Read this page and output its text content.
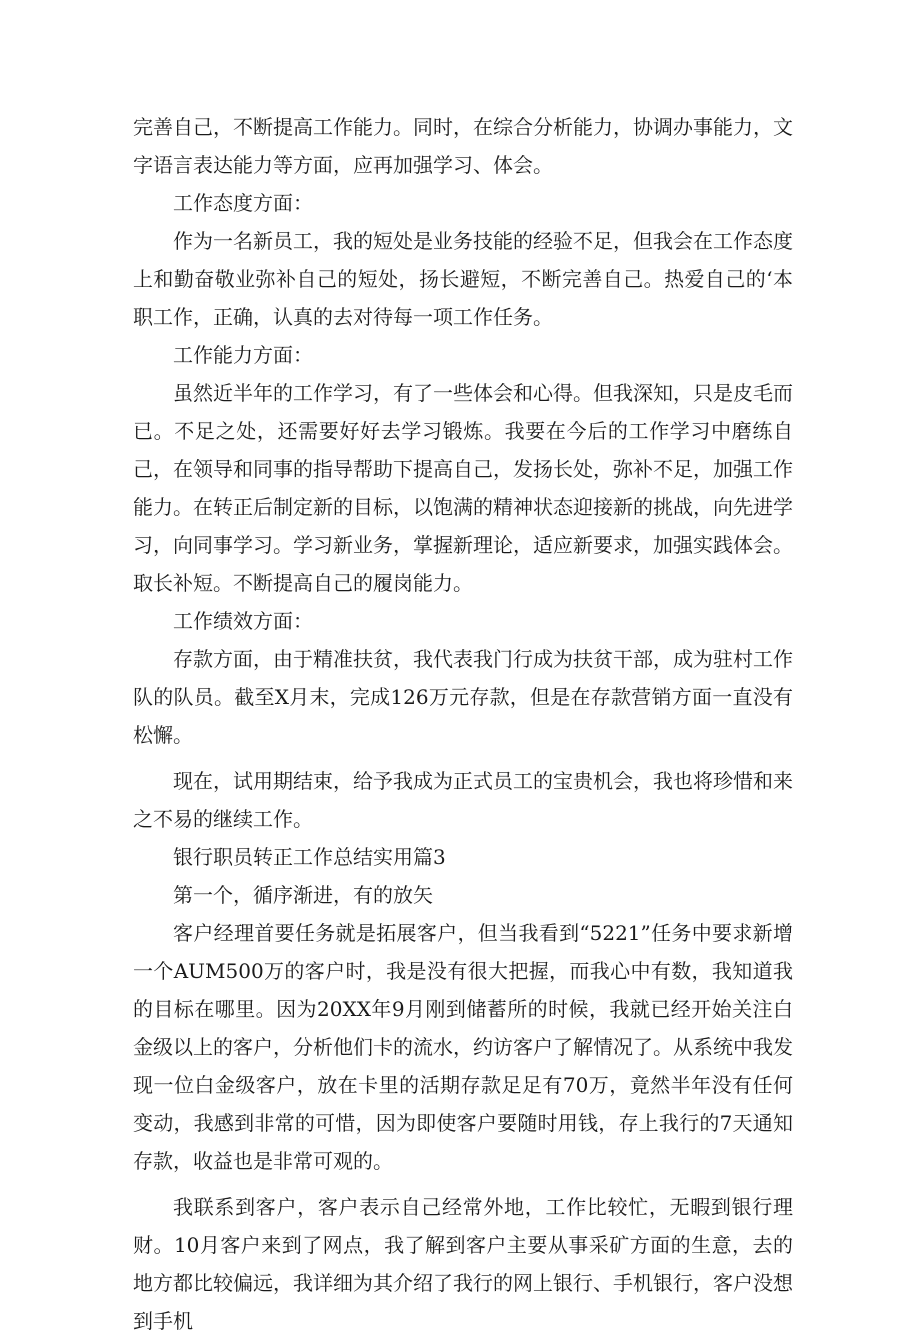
完善自己，不断提高工作能力。同时，在综合分析能力，协调办事能力，文字语言表达能力等方面，应再加强学习、体会。

工作态度方面：

作为一名新员工，我的短处是业务技能的经验不足，但我会在工作态度上和勤奋敬业弥补自己的短处，扬长避短，不断完善自己。热爱自己的‘本职工作，正确，认真的去对待每一项工作任务。

工作能力方面：

虽然近半年的工作学习，有了一些体会和心得。但我深知，只是皮毛而已。不足之处，还需要好好去学习锻炼。我要在今后的工作学习中磨练自己，在领导和同事的指导帮助下提高自己，发扬长处，弥补不足，加强工作能力。在转正后制定新的目标，以饱满的精神状态迎接新的挑战，向先进学习，向同事学习。学习新业务，掌握新理论，适应新要求，加强实践体会。取长补短。不断提高自己的履岗能力。

工作绩效方面：

存款方面，由于精准扶贫，我代表我门行成为扶贫干部，成为驻村工作队的队员。截至X月末，完成126万元存款，但是在存款营销方面一直没有松懈。

现在，试用期结束，给予我成为正式员工的宝贵机会，我也将珍惜和来之不易的继续工作。

银行职员转正工作总结实用篇3

第一个，循序渐进，有的放矢

客户经理首要任务就是拓展客户，但当我看到“5221”任务中要求新增一个AUM500万的客户时，我是没有很大把握，而我心中有数，我知道我的目标在哪里。因为20XX年9月刚到储蓄所的时候，我就已经开始关注白金级以上的客户，分析他们卡的流水，约访客户了解情况了。从系统中我发现一位白金级客户，放在卡里的活期存款足足有70万，竟然半年没有任何变动，我感到非常的可惜，因为即使客户要随时用钱，存上我行的7天通知存款，收益也是非常可观的。

我联系到客户，客户表示自己经常外地，工作比较忙，无暇到银行理财。10月客户来到了网点，我了解到客户主要从事采矿方面的生意，去的地方都比较偏远，我详细为其介绍了我行的网上银行、手机银行，客户没想到手机
